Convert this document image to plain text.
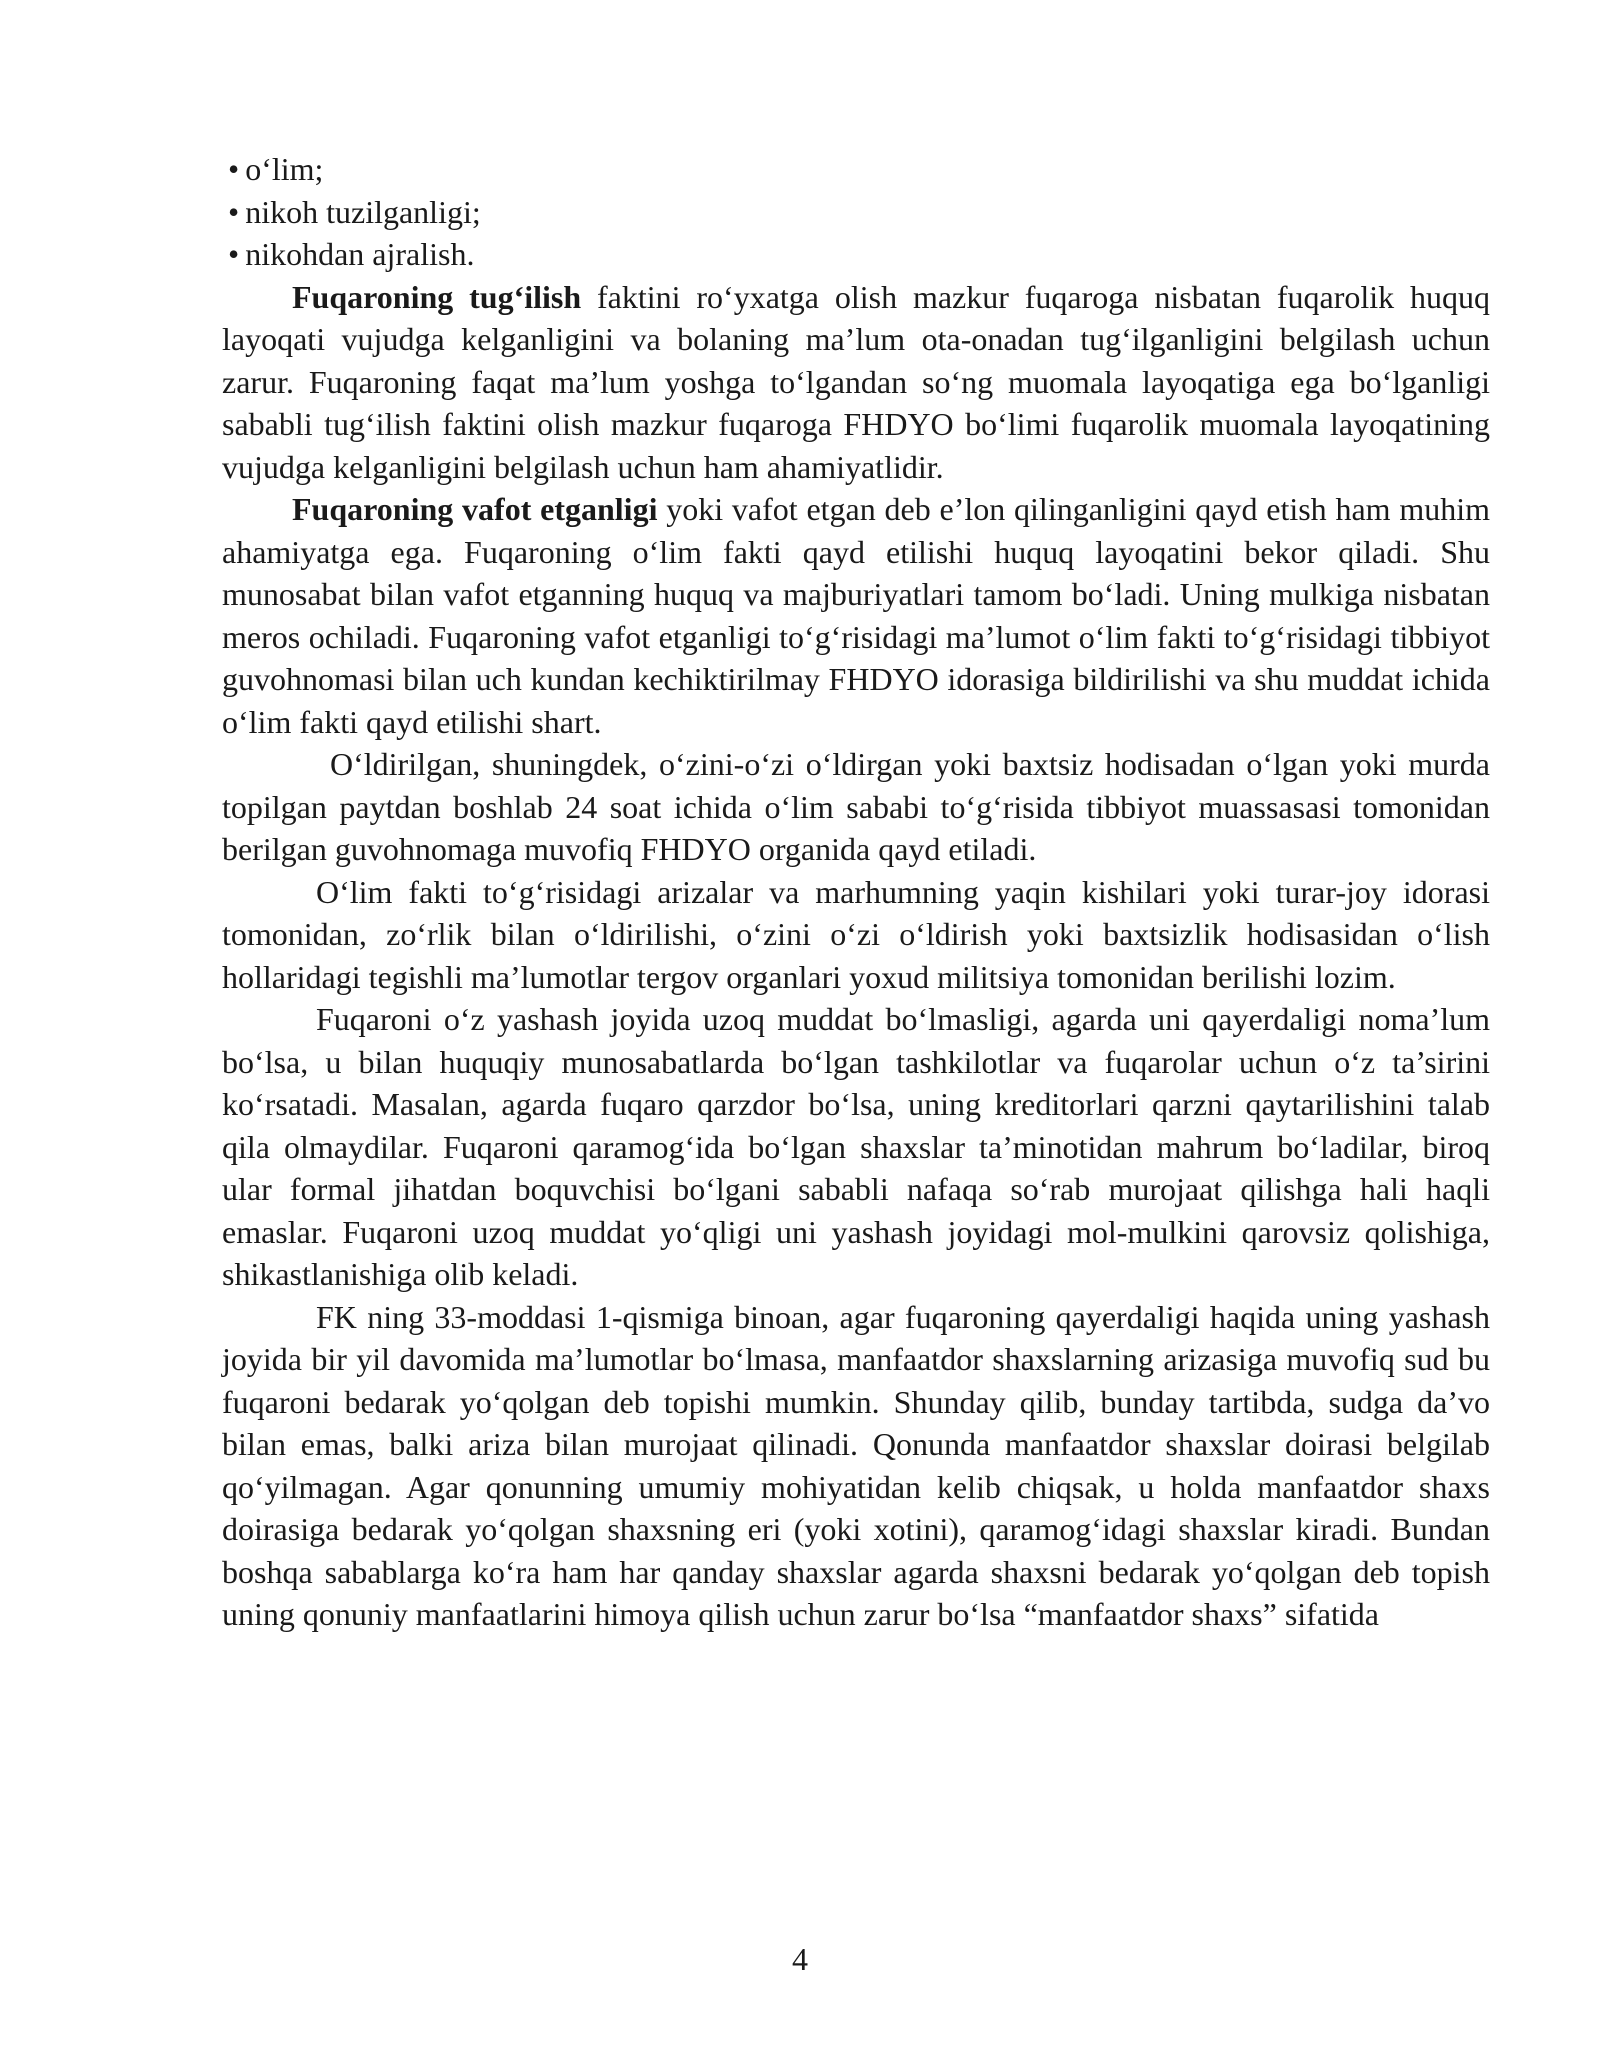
• o‘lim;
• nikoh tuzilganligi;
• nikohdan ajralish.

Fuqaroning tug‘ilish faktini ro‘yxatga olish mazkur fuqaroga nisbatan fuqarolik huquq layoqati vujudga kelganligini va bolaning ma’lum ota-onadan tug‘ilganligini belgilash uchun zarur. Fuqaroning faqat ma’lum yoshga to‘lgandan so‘ng muomala layoqatiga ega bo‘lganligi sababli tug‘ilish faktini olish mazkur fuqaroga FHDYO bo‘limi fuqarolik muomala layoqatining vujudga kelganligini belgilash uchun ham ahamiyatlidir.

Fuqaroning vafot etganligi yoki vafot etgan deb e’lon qilinganligini qayd etish ham muhim ahamiyatga ega. Fuqaroning o‘lim fakti qayd etilishi huquq layoqatini bekor qiladi. Shu munosabat bilan vafot etganning huquq va majburiyatlari tamom bo‘ladi. Uning mulkiga nisbatan meros ochiladi. Fuqaroning vafot etganligi to‘g‘risidagi ma’lumot o‘lim fakti to‘g‘risidagi tibbiyot guvohnomasi bilan uch kundan kechiktirilmay FHDYO idorasiga bildirilishi va shu muddat ichida o‘lim fakti qayd etilishi shart.

O‘ldirilgan, shuningdek, o‘zini-o‘zi o‘ldirgan yoki baxtsiz hodisadan o‘lgan yoki murda topilgan paytdan boshlab 24 soat ichida o‘lim sababi to‘g‘risida tibbiyot muassasasi tomonidan berilgan guvohnomaga muvofiq FHDYO organida qayd etiladi.

O‘lim fakti to‘g‘risidagi arizalar va marhumning yaqin kishilari yoki turar-joy idorasi tomonidan, zo‘rlik bilan o‘ldirilishi, o‘zini o‘zi o‘ldirish yoki baxtsizlik hodisasidan o‘lish hollaridagi tegishli ma’lumotlar tergov organlari yoxud militsiya tomonidan berilishi lozim.

Fuqaroni o‘z yashash joyida uzoq muddat bo‘lmasligi, agarda uni qayerdaligi noma’lum bo‘lsa, u bilan huquqiy munosabatlarda bo‘lgan tashkilotlar va fuqarolar uchun o‘z ta’sirini ko‘rsatadi. Masalan, agarda fuqaro qarzdor bo‘lsa, uning kreditorlari qarzni qaytarilishini talab qila olmaydilar. Fuqaroni qaramog‘ida bo‘lgan shaxslar ta’minotidan mahrum bo‘ladilar, biroq ular formal jihatdan boquvchisi bo‘lgani sababli nafaqa so‘rab murojaat qilishga hali haqli emaslar. Fuqaroni uzoq muddat yo‘qligi uni yashash joyidagi mol-mulkini qarovsiz qolishiga, shikastlanishiga olib keladi.

FK ning 33-moddasi 1-qismiga binoan, agar fuqaroning qayerdaligi haqida uning yashash joyida bir yil davomida ma’lumotlar bo‘lmasa, manfaatdor shaxslarning arizasiga muvofiq sud bu fuqaroni bedarak yo‘qolgan deb topishi mumkin. Shunday qilib, bunday tartibda, sudga da’vo bilan emas, balki ariza bilan murojaat qilinadi. Qonunda manfaatdor shaxslar doirasi belgilab qo‘yilmagan. Agar qonunning umumiy mohiyatidan kelib chiqsak, u holda manfaatdor shaxs doirasiga bedarak yo‘qolgan shaxsning eri (yoki xotini), qaramog‘idagi shaxslar kiradi. Bundan boshqa sabablarga ko‘ra ham har qanday shaxslar agarda shaxsni bedarak yo‘qolgan deb topish uning qonuniy manfaatlarini himoya qilish uchun zarur bo‘lsa “manfaatdor shaxs” sifatida

4
